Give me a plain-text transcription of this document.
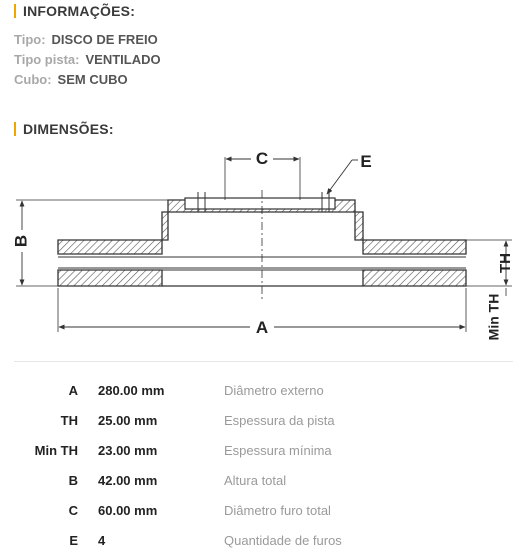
INFORMAÇÕES:
Tipo: DISCO DE FREIO
Tipo pista: VENTILADO
Cubo: SEM CUBO
DIMENSÕES:
C	E
B
A
TH
Min TH
A 280.00 mm	Diâmetro externo
TH 25.00 mm	Espessura da pista
Min TH 23.00 mm	Espessura mínima
B 42.00 mm	Altura total
C 60.00 mm	Diâmetro furo total
E 4	Quantidade de furos
